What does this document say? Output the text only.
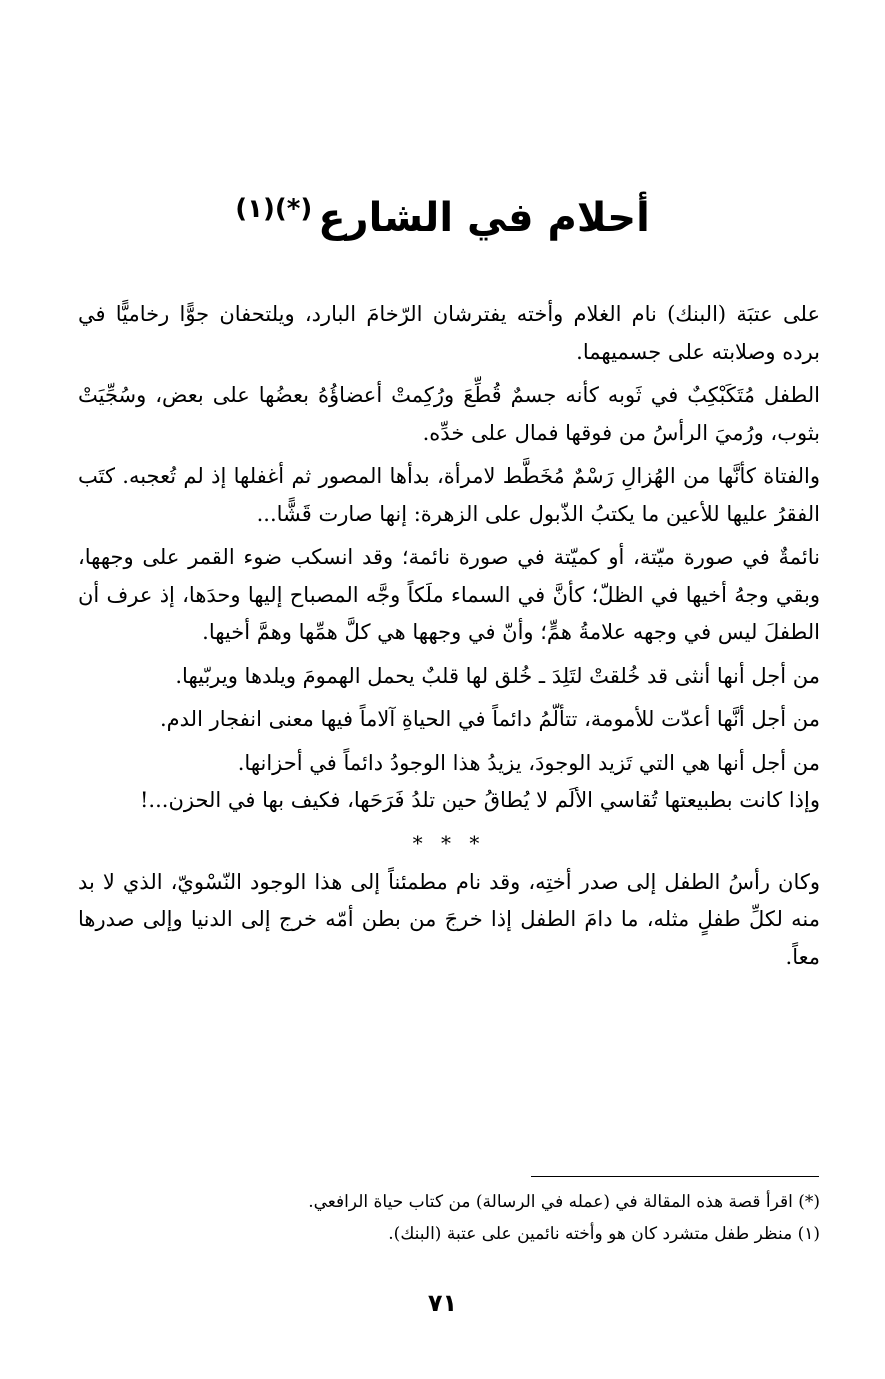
أحلام في الشارع$^{(*)(١)}$

على عتبَة (البنك) نام الغلام وأخته يفترشان الرّخامَ البارد، ويلتحفان جوًّا رخاميًّا في برده وصلابته على جسميهما.

الطفل مُتَكَبْكِبٌ في ثَوبه كأنه جسمٌ قُطِّعَ ورُكِمتْ أعضاؤُهُ بعضُها على بعض، وسُجِّيَتْ بثوب، ورُميَ الرأسُ من فوقها فمال على خدِّه.

والفتاة كأنَّها من الهُزالِ رَسْمٌ مُخَطَّط لامرأة، بدأها المصور ثم أغفلها إذ لم تُعجبه. كتَب الفقرُ عليها للأعين ما يكتبُ الذّبول على الزهرة: إنها صارت قَشًّا...

نائمةٌ في صورة ميّتة، أو كميّتة في صورة نائمة؛ وقد انسكب ضوء القمر على وجهها، وبقي وجهُ أخيها في الظلّ؛ كأنَّ في السماء ملَكاً وجَّه المصباح إليها وحدَها، إذ عرف أن الطفلَ ليس في وجهه علامةُ همٍّ؛ وأنّ في وجهها هي كلَّ همِّها وهمَّ أخيها.

من أجل أنها أنثى قد خُلقتْ لتَلِدَ ـ خُلق لها قلبٌ يحمل الهمومَ ويلدها ويربّيها.

من أجل أنَّها أعدّت للأمومة، تتألّمُ دائماً في الحياةِ آلاماً فيها معنى انفجار الدم.

من أجل أنها هي التي تَزيد الوجودَ، يزيدُ هذا الوجودُ دائماً في أحزانها.

وإذا كانت بطبيعتها تُقاسي الألَم لا يُطاقُ حين تلدُ فَرَحَها، فكيف بها في الحزن...!

* * *

وكان رأسُ الطفل إلى صدر أختِه، وقد نام مطمئناً إلى هذا الوجود النّسْويّ، الذي لا بد منه لكلِّ طفلٍ مثله، ما دامَ الطفل إذا خرجَ من بطن أمّه خرج إلى الدنيا وإلى صدرها معاً.

(*) اقرأ قصة هذه المقالة في (عمله في الرسالة) من كتاب حياة الرافعي.

(١) منظر طفل متشرد كان هو وأخته نائمين على عتبة (البنك).

٧١
